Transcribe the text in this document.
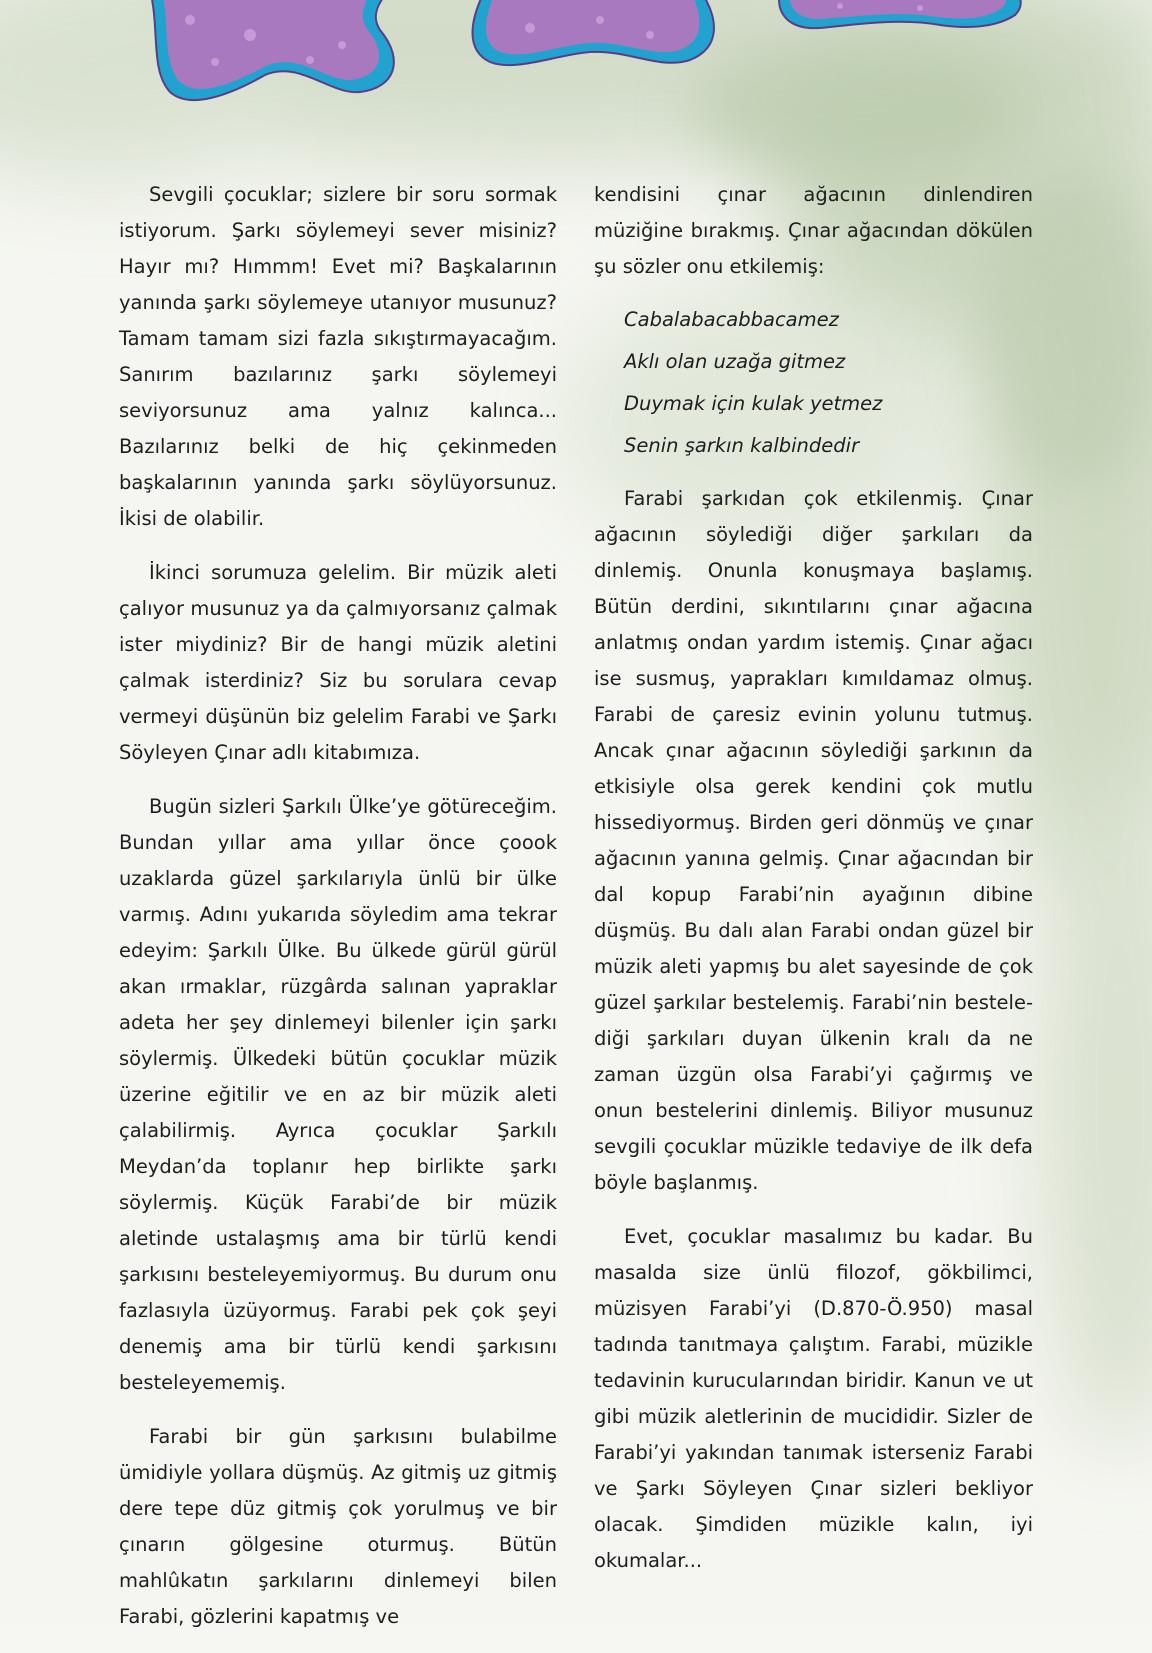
Sevgili çocuklar; sizlere bir soru sormak istiyorum. Şarkı söylemeyi sever misiniz? Hayır mı? Hımmm! Evet mi? Başkalarının yanında şarkı söylemeye utanıyor musunuz? Tamam tamam sizi fazla sıkıştırmayacağım. Sanırım bazılarınız şarkı söylemeyi seviyorsunuz ama yalnız kalınca... Bazılarınız belki de hiç çekinmeden başkalarının yanında şarkı söylüyorsunuz. İkisi de olabilir.

İkinci sorumuza gelelim. Bir müzik aleti çalıyor musunuz ya da çalmıyorsanız çalmak ister miydiniz? Bir de hangi müzik aletini çalmak isterdiniz? Siz bu sorulara cevap vermeyi düşünün biz gelelim Farabi ve Şarkı Söyleyen Çınar adlı kitabımıza.

Bugün sizleri Şarkılı Ülke’ye götüreceğim. Bundan yıllar ama yıllar önce çoook uzaklarda güzel şarkılarıyla ünlü bir ülke varmış. Adını yukarıda söyledim ama tekrar edeyim: Şarkılı Ülke. Bu ülkede gürül gürül akan ırmaklar, rüzgârda salınan yapraklar adeta her şey dinlemeyi bilenler için şarkı söylermiş. Ülkedeki bütün çocuklar müzik üzerine eğitilir ve en az bir müzik aleti çalabilirmiş. Ayrıca çocuklar Şarkılı Meydan’da toplanır hep birlikte şarkı söylermiş. Küçük Farabi’de bir müzik aletinde ustalaşmış ama bir türlü kendi şarkısını besteleyemiyormuş. Bu durum onu fazlasıyla üzüyormuş. Farabi pek çok şeyi denemiş ama bir türlü kendi şarkısını besteleyememiş.

Farabi bir gün şarkısını bulabilme ümidiyle yollara düşmüş. Az gitmiş uz gitmiş dere tepe düz gitmiş çok yorulmuş ve bir çınarın gölgesine oturmuş. Bütün mahlûkatın şarkılarını dinlemeyi bilen Farabi, gözlerini kapatmış ve

kendisini çınar ağacının dinlendiren müziğine bırakmış. Çınar ağacından dökülen şu sözler onu etkilemiş:

Cabalabacabbacamez
Aklı olan uzağa gitmez
Duymak için kulak yetmez
Senin şarkın kalbindedir

Farabi şarkıdan çok etkilenmiş. Çınar ağacının söylediği diğer şarkıları da dinlemiş. Onunla konuşmaya başlamış. Bütün derdini, sıkıntılarını çınar ağacına anlatmış ondan yardım istemiş. Çınar ağacı ise susmuş, yaprakları kımıldamaz olmuş. Farabi de çaresiz evinin yolunu tutmuş. Ancak çınar ağacının söylediği şarkının da etkisiyle olsa gerek kendini çok mutlu hissediyormuş. Birden geri dönmüş ve çınar ağacının yanına gelmiş. Çınar ağacından bir dal kopup Farabi’nin ayağının dibine düşmüş. Bu dalı alan Farabi ondan güzel bir müzik aleti yapmış bu alet sayesinde de çok güzel şarkılar bestelemiş. Farabi’nin bestelediği şarkıları duyan ülkenin kralı da ne zaman üzgün olsa Farabi’yi çağırmış ve onun bestelerini dinlemiş. Biliyor musunuz sevgili çocuklar müzikle tedaviye de ilk defa böyle başlanmış.

Evet, çocuklar masalımız bu kadar. Bu masalda size ünlü filozof, gökbilimci, müzisyen Farabi’yi (D.870-Ö.950) masal tadında tanıtmaya çalıştım. Farabi, müzikle tedavinin kurucularından biridir. Kanun ve ut gibi müzik aletlerinin de mucididir. Sizler de Farabi’yi yakından tanımak isterseniz Farabi ve Şarkı Söyleyen Çınar sizleri bekliyor olacak. Şimdiden müzikle kalın, iyi okumalar...
